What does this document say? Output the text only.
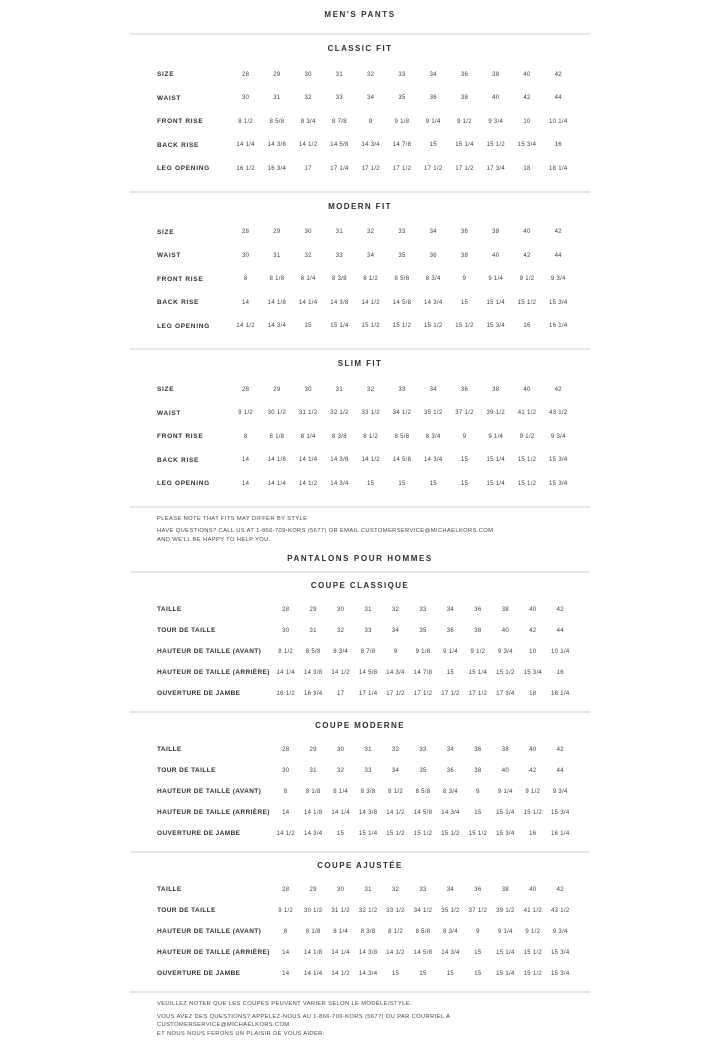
MEN'S PANTS
CLASSIC FIT
SIZE	28	29	30	31	32	33	34	36	38	40	42
WAIST	30	31	32	33	34	35	36	38	40	42	44
FRONT RISE	8 1/2	8 5/8	8 3/4	8 7/8	9	9 1/8	9 1/4	9 1/2	9 3/4	10	10 1/4
BACK RISE	14 1/4	14 3/8	14 1/2	14 5/8	14 3/4	14 7/8	15	15 1/4	15 1/2	15 3/4	16
LEG OPENING	16 1/2	16 3/4	17	17 1/4	17 1/2	17 1/2	17 1/2	17 1/2	17 3/4	18	18 1/4
MODERN FIT
SIZE	28	29	30	31	32	33	34	36	38	40	42
WAIST	30	31	32	33	34	35	36	38	40	42	44
FRONT RISE	8	8 1/8	8 1/4	8 3/8	8 1/2	8 5/8	8 3/4	9	9 1/4	9 1/2	9 3/4
BACK RISE	14	14 1/8	14 1/4	14 3/8	14 1/2	14 5/8	14 3/4	15	15 1/4	15 1/2	15 3/4
LEG OPENING	14 1/2	14 3/4	15	15 1/4	15 1/2	15 1/2	15 1/2	15 1/2	15 3/4	16	16 1/4
SLIM FIT
SIZE	28	29	30	31	32	33	34	36	38	40	42
WAIST	9 1/2	30 1/2	31 1/2	32 1/2	33 1/2	34 1/2	35 1/2	37 1/2	39 1/2	41 1/2	43 1/2
FRONT RISE	8	8 1/8	8 1/4	8 3/8	8 1/2	8 5/8	8 3/4	9	9 1/4	9 1/2	9 3/4
BACK RISE	14	14 1/8	14 1/4	14 3/8	14 1/2	14 5/8	14 3/4	15	15 1/4	15 1/2	15 3/4
LEG OPENING	14	14 1/4	14 1/2	14 3/4	15	15	15	15	15 1/4	15 1/2	15 3/4

PLEASE NOTE THAT FITS MAY DIFFER BY STYLE

HAVE QUESTIONS? CALL US AT 1-866-709-KORS (5677) OR EMAIL CUSTOMERSERVICE@MICHAELKORS.COM
AND WE'LL BE HAPPY TO HELP YOU.

PANTALONS POUR HOMMES
COUPE CLASSIQUE
TAILLE	28	29	30	31	32	33	34	36	38	40	42
TOUR DE TAILLE	30	31	32	33	34	35	36	38	40	42	44
HAUTEUR DE TAILLE (AVANT)	8 1/2	8 5/8	8 3/4	8 7/8	9	9 1/8	9 1/4	9 1/2	9 3/4	10	10 1/4
HAUTEUR DE TAILLE (ARRIÈRE)	14 1/4	14 3/8	14 1/2	14 5/8	14 3/4	14 7/8	15	15 1/4	15 1/2	15 3/4	16
OUVERTURE DE JAMBE	16 1/2	16 3/4	17	17 1/4	17 1/2	17 1/2	17 1/2	17 1/2	17 3/4	18	18 1/4
COUPE MODERNE
TAILLE	28	29	30	31	32	33	34	36	38	40	42
TOUR DE TAILLE	30	31	32	33	34	35	36	38	40	42	44
HAUTEUR DE TAILLE (AVANT)	8	8 1/8	8 1/4	8 3/8	8 1/2	8 5/8	8 3/4	9	9 1/4	9 1/2	9 3/4
HAUTEUR DE TAILLE (ARRIÈRE)	14	14 1/8	14 1/4	14 3/8	14 1/2	14 5/8	14 3/4	15	15 1/4	15 1/2	15 3/4
OUVERTURE DE JAMBE	14 1/2	14 3/4	15	15 1/4	15 1/2	15 1/2	15 1/2	15 1/2	15 3/4	16	16 1/4
COUPE AJUSTÉE
TAILLE	28	29	30	31	32	33	34	36	38	40	42
TOUR DE TAILLE	9 1/2	30 1/2	31 1/2	32 1/2	33 1/2	34 1/2	35 1/2	37 1/2	39 1/2	41 1/2	43 1/2
HAUTEUR DE TAILLE (AVANT)	8	8 1/8	8 1/4	8 3/8	8 1/2	8 5/8	8 3/4	9	9 1/4	9 1/2	9 3/4
HAUTEUR DE TAILLE (ARRIÈRE)	14	14 1/8	14 1/4	14 3/8	14 1/2	14 5/8	14 3/4	15	15 1/4	15 1/2	15 3/4
OUVERTURE DE JAMBE	14	14 1/4	14 1/2	14 3/4	15	15	15	15	15 1/4	15 1/2	15 3/4

VEUILLEZ NOTER QUE LES COUPES PEUVENT VARIER SELON LE MODÈLE/STYLE.

VOUS AVEZ DES QUESTIONS? APPELEZ-NOUS AU 1-866-709-KORS (5677) OU PAR COURRIEL À CUSTOMERSERVICE@MICHAELKORS.COM
ET NOUS NOUS FERONS UN PLAISIR DE VOUS AIDER.
